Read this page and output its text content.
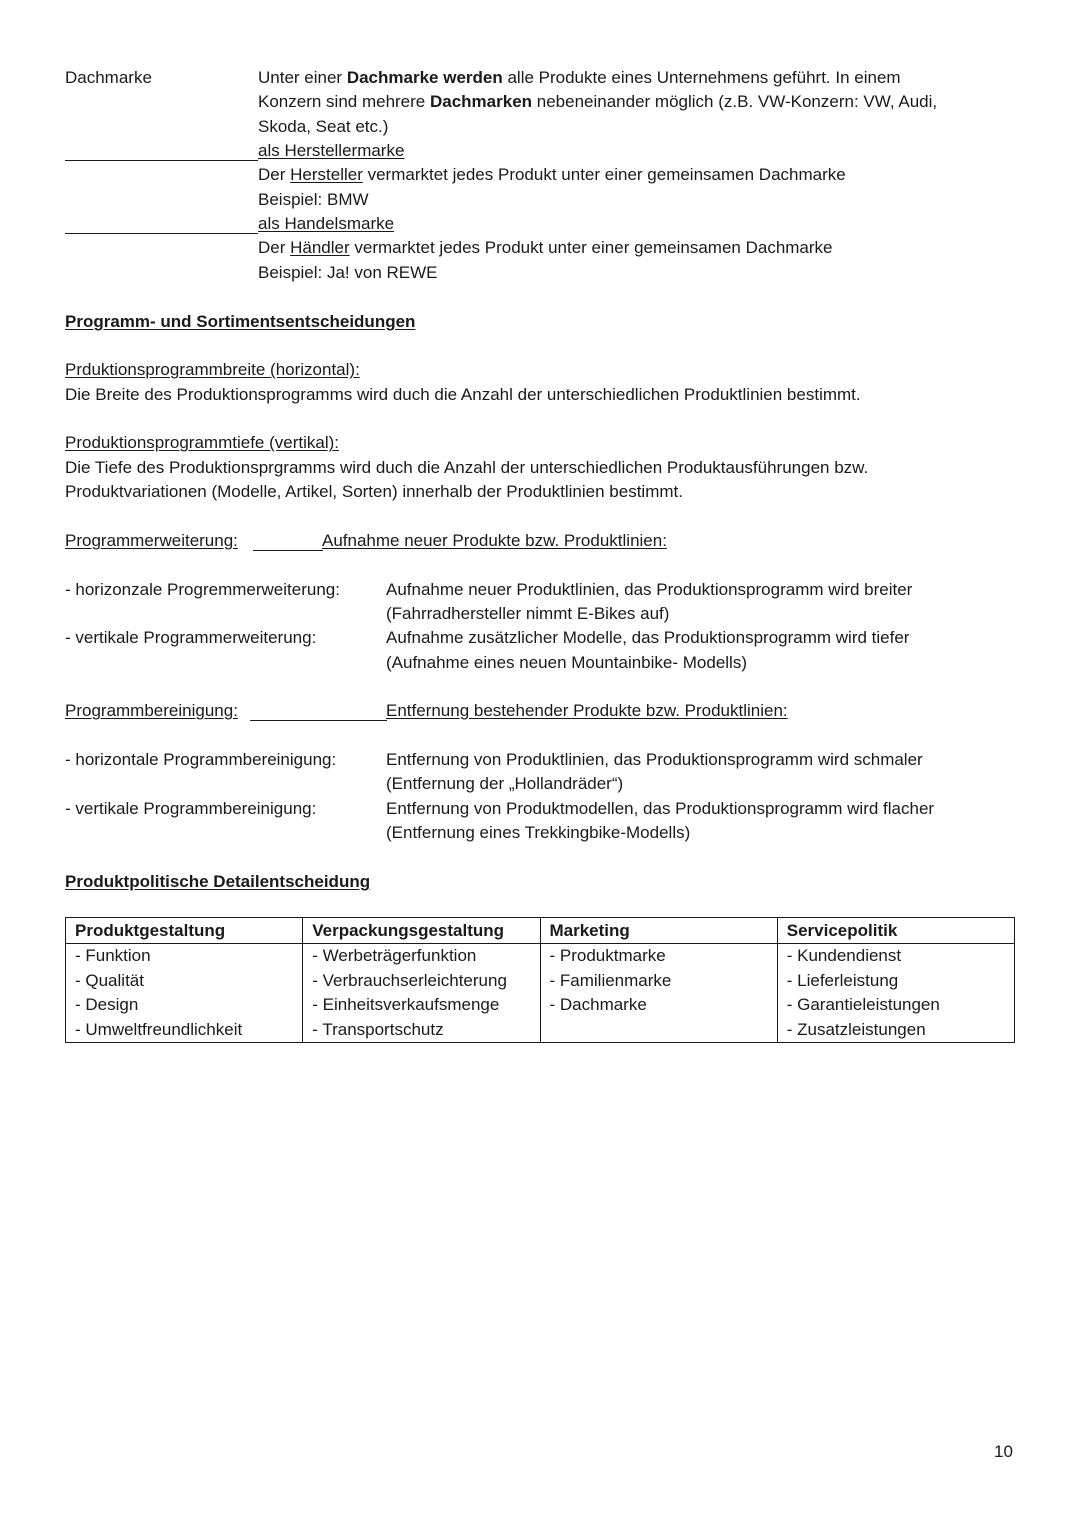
Dachmarke	Unter einer Dachmarke werden alle Produkte eines Unternehmens geführt. In einem
Konzern sind mehrere Dachmarken nebeneinander möglich (z.B. VW-Konzern: VW, Audi,
Skoda, Seat etc.)
als Herstellermarke
Der Hersteller vermarktet jedes Produkt unter einer gemeinsamen Dachmarke
Beispiel: BMW
als Handelsmarke
Der Händler vermarktet jedes Produkt unter einer gemeinsamen Dachmarke
Beispiel: Ja! von REWE
Programm- und Sortimentsentscheidungen
Prduktionsprogrammbreite (horizontal):
Die Breite des Produktionsprogramms wird duch die Anzahl der unterschiedlichen Produktlinien bestimmt.
Produktionsprogrammtiefe (vertikal):
Die Tiefe des Produktionsprgramms wird duch die Anzahl der unterschiedlichen Produktausführungen bzw.
Produktvariationen (Modelle, Artikel, Sorten) innerhalb der Produktlinien bestimmt.
Programmerweiterung:	Aufnahme neuer Produkte bzw. Produktlinien:
- horizonzale Progremmerweiterung:	Aufnahme neuer Produktlinien, das Produktionsprogramm wird breiter
(Fahrradhersteller nimmt E-Bikes auf)
- vertikale Programmerweiterung:	Aufnahme zusätzlicher Modelle, das Produktionsprogramm wird tiefer
(Aufnahme eines neuen Mountainbike- Modells)
Programmbereinigung:	Entfernung bestehender Produkte bzw. Produktlinien:
- horizontale Programmbereinigung:	Entfernung von Produktlinien, das Produktionsprogramm wird schmaler
(Entfernung der „Hollandräder“)
- vertikale Programmbereinigung:	Entfernung von Produktmodellen, das Produktionsprogramm wird flacher
(Entfernung eines Trekkingbike-Modells)
Produktpolitische Detailentscheidung
Produktgestaltung	Verpackungsgestaltung	Marketing	Servicepolitik
- Funktion	- Werbeträgerfunktion	- Produktmarke	- Kundendienst
- Qualität	- Verbrauchserleichterung	- Familienmarke	- Lieferleistung
- Design	- Einheitsverkaufsmenge	- Dachmarke	- Garantieleistungen
- Umweltfreundlichkeit	- Transportschutz		- Zusatzleistungen
10
